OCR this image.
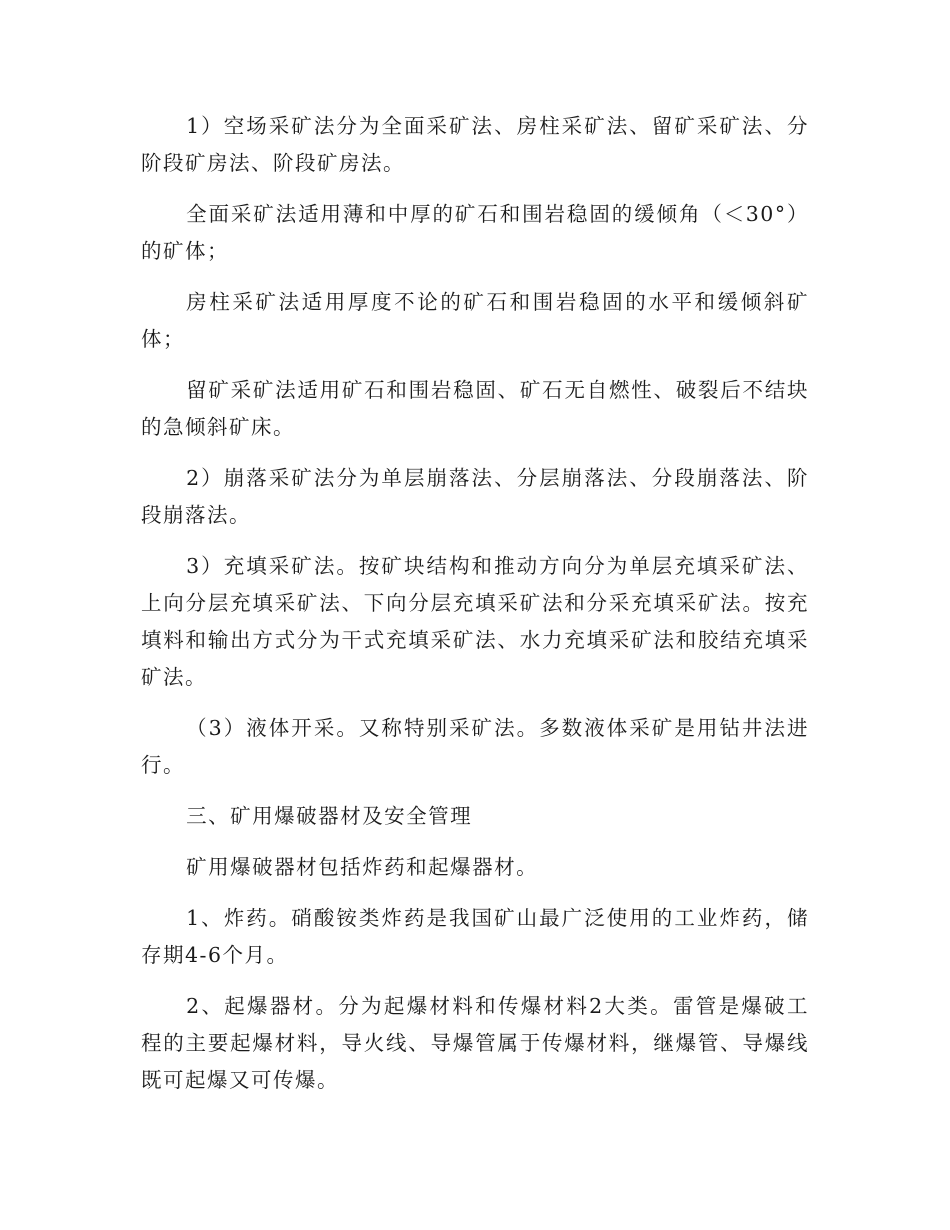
1）空场采矿法分为全面采矿法、房柱采矿法、留矿采矿法、分阶段矿房法、阶段矿房法。

全面采矿法适用薄和中厚的矿石和围岩稳固的缓倾角（＜30°）的矿体；

房柱采矿法适用厚度不论的矿石和围岩稳固的水平和缓倾斜矿体；

留矿采矿法适用矿石和围岩稳固、矿石无自燃性、破裂后不结块的急倾斜矿床。

2）崩落采矿法分为单层崩落法、分层崩落法、分段崩落法、阶段崩落法。

3）充填采矿法。按矿块结构和推动方向分为单层充填采矿法、上向分层充填采矿法、下向分层充填采矿法和分采充填采矿法。按充填料和输出方式分为干式充填采矿法、水力充填采矿法和胶结充填采矿法。

（3）液体开采。又称特别采矿法。多数液体采矿是用钻井法进行。

三、矿用爆破器材及安全管理

矿用爆破器材包括炸药和起爆器材。

1、炸药。硝酸铵类炸药是我国矿山最广泛使用的工业炸药，储存期4-6个月。

2、起爆器材。分为起爆材料和传爆材料2大类。雷管是爆破工程的主要起爆材料，导火线、导爆管属于传爆材料，继爆管、导爆线既可起爆又可传爆。
